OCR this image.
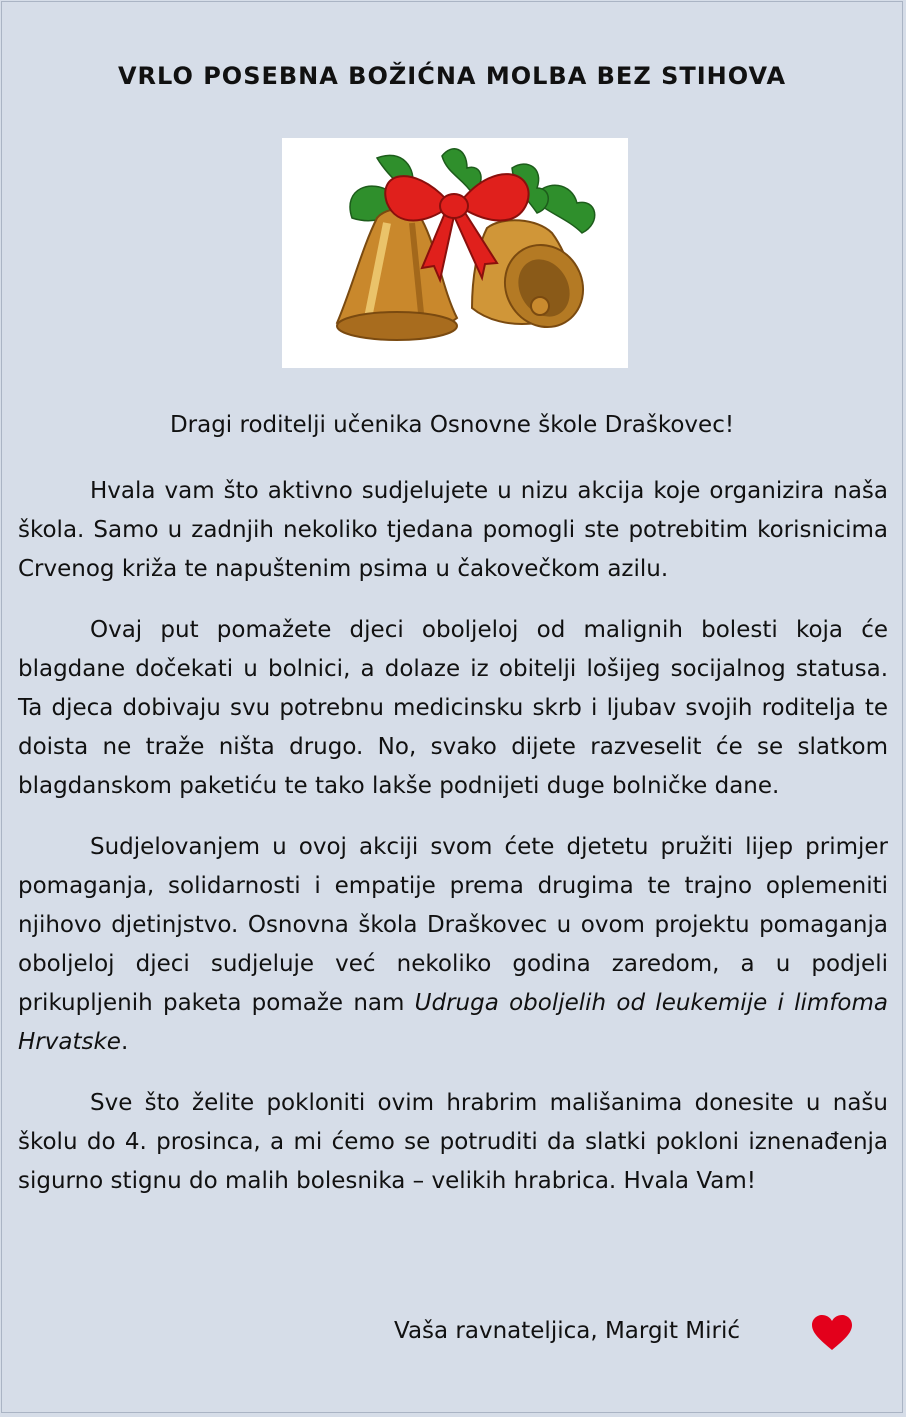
VRLO POSEBNA BOŽIĆNA MOLBA BEZ STIHOVA
Dragi roditelji učenika Osnovne škole Draškovec!

Hvala vam što aktivno sudjelujete u nizu akcija koje organizira naša škola. Samo u zadnjih nekoliko tjedana pomogli ste potrebitim korisnicima Crvenog križa te napuštenim psima u čakovečkom azilu.

Ovaj put pomažete djeci oboljeloj od malignih bolesti koja će blagdane dočekati u bolnici, a dolaze iz obitelji lošijeg socijalnog statusa. Ta djeca dobivaju svu potrebnu medicinsku skrb i ljubav svojih roditelja te doista ne traže ništa drugo. No, svako dijete razveselit će se slatkom blagdanskom paketiću te tako lakše podnijeti duge bolničke dane.

Sudjelovanjem u ovoj akciji svom ćete djetetu pružiti lijep primjer pomaganja, solidarnosti i empatije prema drugima te trajno oplemeniti njihovo djetinjstvo. Osnovna škola Draškovec u ovom projektu pomaganja oboljeloj djeci sudjeluje već nekoliko godina zaredom, a u podjeli prikupljenih paketa pomaže nam Udruga oboljelih od leukemije i limfoma Hrvatske.

Sve što želite pokloniti ovim hrabrim mališanima donesite u našu školu do 4. prosinca, a mi ćemo se potruditi da slatki pokloni iznenađenja sigurno stignu do malih bolesnika – velikih hrabrica. Hvala Vam!

Vaša ravnateljica, Margit Mirić
